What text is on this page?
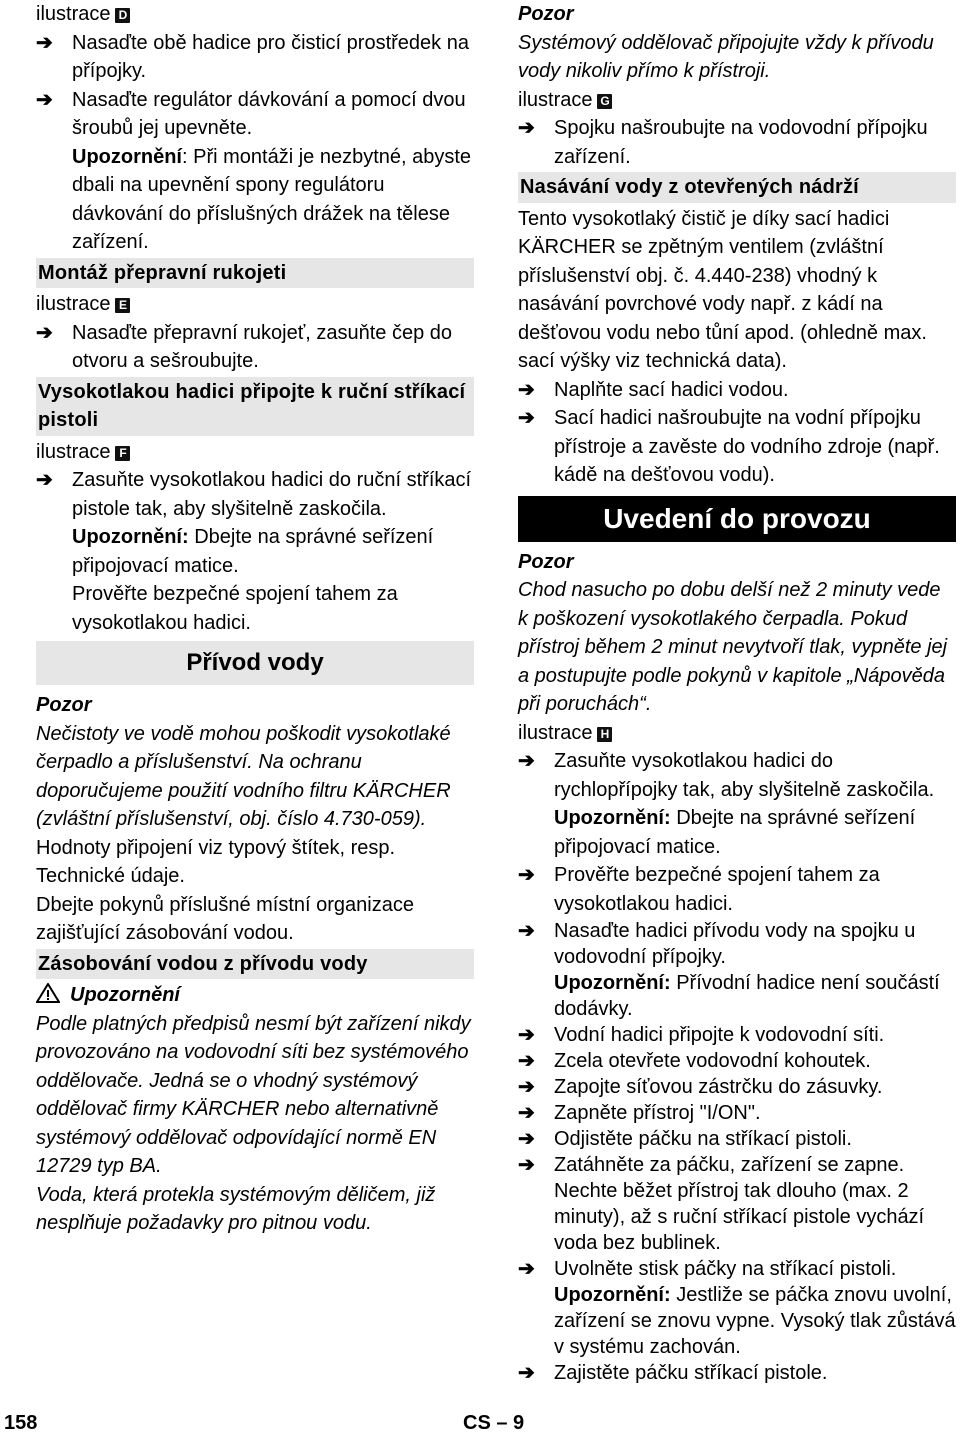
ilustrace D

➔ Nasaďte obě hadice pro čisticí prostředek na přípojky.
➔ Nasaďte regulátor dávkování a pomocí dvou šroubů jej upevněte.

Upozornění: Při montáži je nezbytné, abyste dbali na upevnění spony regulátoru dávkování do příslušných drážek na tělese zařízení.

Montáž přepravní rukojeti

ilustrace E

➔ Nasaďte přepravní rukojeť, zasuňte čep do otvoru a sešroubujte.
Vysokotlakou hadici připojte k ruční stříkací pistoli

ilustrace F

➔ Zasuňte vysokotlakou hadici do ruční stříkací pistole tak, aby slyšitelně zaskočila.

Upozornění: Dbejte na správné seřízení připojovací matice.

Prověřte bezpečné spojení tahem za vysokotlakou hadici.

Přívod vody

Pozor

Nečistoty ve vodě mohou poškodit vysokotlaké čerpadlo a příslušenství. Na ochranu doporučujeme použití vodního filtru KÄRCHER (zvláštní příslušenství, obj. číslo 4.730-059).

Hodnoty připojení viz typový štítek, resp. Technické údaje.

Dbejte pokynů příslušné místní organizace zajišťující zásobování vodou.

Zásobování vodou z přívodu vody

Upozornění

Podle platných předpisů nesmí být zařízení nikdy provozováno na vodovodní síti bez systémového oddělovače. Jedná se o vhodný systémový oddělovač firmy KÄRCHER nebo alternativně systémový oddělovač odpovídající normě EN 12729 typ BA.

Voda, která protekla systémovým děličem, již nesplňuje požadavky pro pitnou vodu.

Pozor

Systémový oddělovač připojujte vždy k přívodu vody nikoliv přímo k přístroji.

ilustrace G

➔ Spojku našroubujte na vodovodní přípojku zařízení.
Nasávání vody z otevřených nádrží

Tento vysokotlaký čistič je díky sací hadici KÄRCHER se zpětným ventilem (zvláštní příslušenství obj. č. 4.440-238) vhodný k nasávání povrchové vody např. z kádí na dešťovou vodu nebo tůní apod. (ohledně max. sací výšky viz technická data).

➔ Naplňte sací hadici vodou.
➔ Sací hadici našroubujte na vodní přípojku přístroje a zavěste do vodního zdroje (např. kádě na dešťovou vodu).
Uvedení do provozu

Pozor

Chod nasucho po dobu delší než 2 minuty vede k poškození vysokotlakého čerpadla. Pokud přístroj během 2 minut nevytvoří tlak, vypněte jej a postupujte podle pokynů v kapitole „Nápověda při poruchách“.

ilustrace H

➔ Zasuňte vysokotlakou hadici do rychlopřípojky tak, aby slyšitelně zaskočila.

Upozornění: Dbejte na správné seřízení připojovací matice.

➔ Prověřte bezpečné spojení tahem za vysokotlakou hadici.
➔ Nasaďte hadici přívodu vody na spojku u vodovodní přípojky.

Upozornění: Přívodní hadice není součástí dodávky.

➔ Vodní hadici připojte k vodovodní síti.
➔ Zcela otevřete vodovodní kohoutek.
➔ Zapojte síťovou zástrčku do zásuvky.
➔ Zapněte přístroj "I/ON".
➔ Odjistěte páčku na stříkací pistoli.
➔ Zatáhněte za páčku, zařízení se zapne.

Nechte běžet přístroj tak dlouho (max. 2 minuty), až s ruční stříkací pistole vychází voda bez bublinek.

➔ Uvolněte stisk páčky na stříkací pistoli.

Upozornění: Jestliže se páčka znovu uvolní, zařízení se znovu vypne. Vysoký tlak zůstává v systému zachován.

➔ Zajistěte páčku stříkací pistole.
158	CS – 9
